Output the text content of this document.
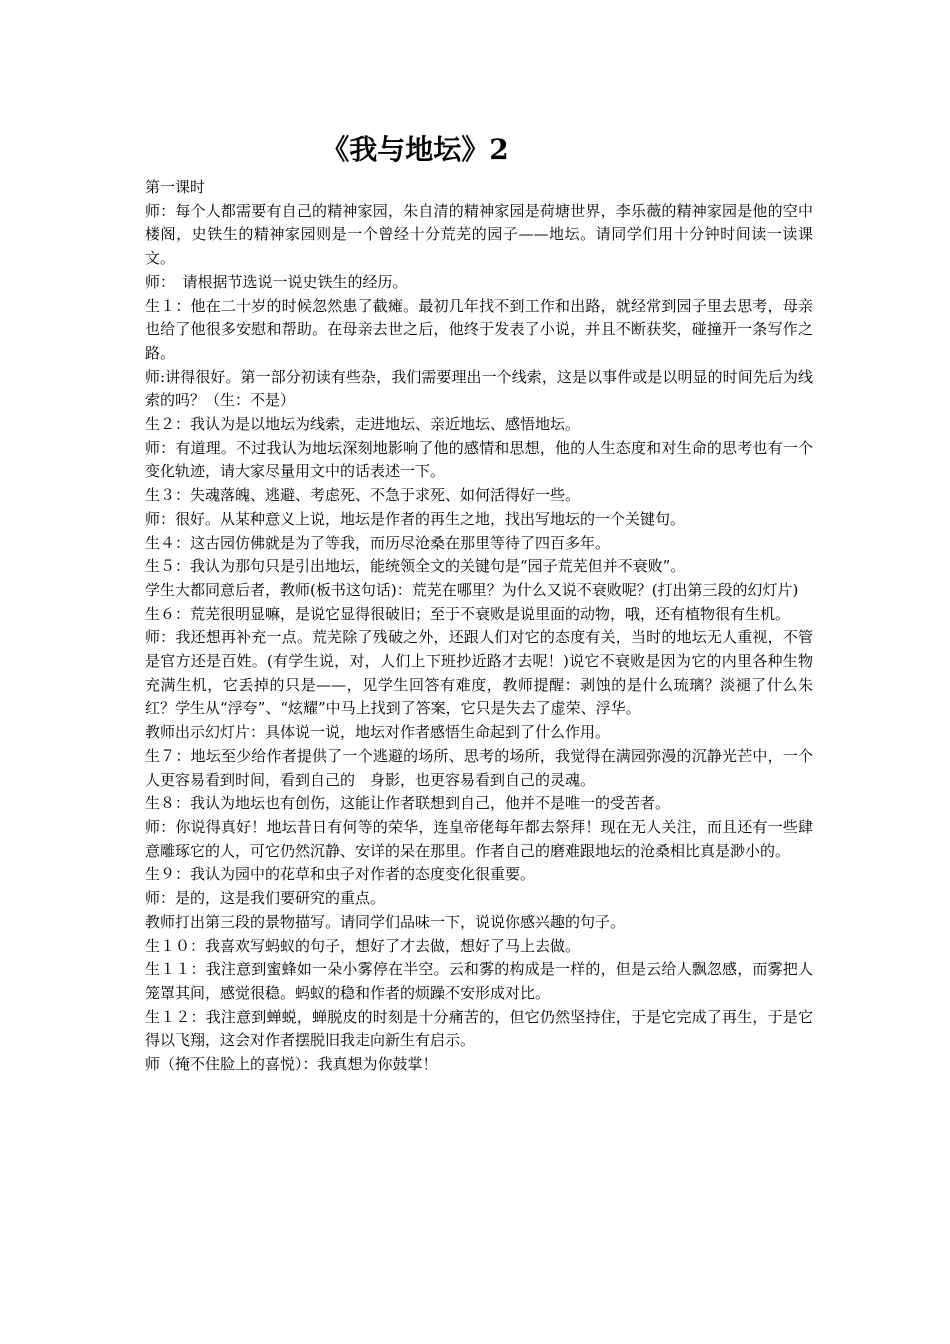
《我与地坛》2

第一课时

师：每个人都需要有自己的精神家园，朱自清的精神家园是荷塘世界，李乐薇的精神家园是他的空中楼阁，史铁生的精神家园则是一个曾经十分荒芜的园子——地坛。请同学们用十分钟时间读一读课文。

师：　请根据节选说一说史铁生的经历。

生１：他在二十岁的时候忽然患了截瘫。最初几年找不到工作和出路，就经常到园子里去思考，母亲也给了他很多安慰和帮助。在母亲去世之后，他终于发表了小说，并且不断获奖，碰撞开一条写作之路。

师:讲得很好。第一部分初读有些杂，我们需要理出一个线索，这是以事件或是以明显的时间先后为线索的吗？（生：不是）

生２：我认为是以地坛为线索，走进地坛、亲近地坛、感悟地坛。

师：有道理。不过我认为地坛深刻地影响了他的感情和思想，他的人生态度和对生命的思考也有一个变化轨迹，请大家尽量用文中的话表述一下。

生３：失魂落魄、逃避、考虑死、不急于求死、如何活得好一些。

师：很好。从某种意义上说，地坛是作者的再生之地，找出写地坛的一个关键句。

生４：这古园仿佛就是为了等我，而历尽沧桑在那里等待了四百多年。

生５：我认为那句只是引出地坛，能统领全文的关键句是“园子荒芜但并不衰败”。

学生大都同意后者，教师(板书这句话)：荒芜在哪里？为什么又说不衰败呢？(打出第三段的幻灯片)

生６：荒芜很明显嘛，是说它显得很破旧；至于不衰败是说里面的动物，哦，还有植物很有生机。

师：我还想再补充一点。荒芜除了残破之外，还跟人们对它的态度有关，当时的地坛无人重视，不管是官方还是百姓。(有学生说，对，人们上下班抄近路才去呢！)说它不衰败是因为它的内里各种生物充满生机，它丢掉的只是——，见学生回答有难度，教师提醒：剥蚀的是什么琉璃？淡褪了什么朱红？学生从“浮夸”、“炫耀”中马上找到了答案，它只是失去了虚荣、浮华。

教师出示幻灯片：具体说一说，地坛对作者感悟生命起到了什么作用。

生７：地坛至少给作者提供了一个逃避的场所、思考的场所，我觉得在满园弥漫的沉静光芒中，一个人更容易看到时间，看到自己的　身影，也更容易看到自己的灵魂。

生８：我认为地坛也有创伤，这能让作者联想到自己，他并不是唯一的受苦者。

师：你说得真好！地坛昔日有何等的荣华，连皇帝佬每年都去祭拜！现在无人关注，而且还有一些肆意雕琢它的人，可它仍然沉静、安详的呆在那里。作者自己的磨难跟地坛的沧桑相比真是渺小的。

生９：我认为园中的花草和虫子对作者的态度变化很重要。

师：是的，这是我们要研究的重点。

教师打出第三段的景物描写。请同学们品味一下，说说你感兴趣的句子。

生１０：我喜欢写蚂蚁的句子，想好了才去做，想好了马上去做。

生１１：我注意到蜜蜂如一朵小雾停在半空。云和雾的构成是一样的，但是云给人飘忽感，而雾把人笼罩其间，感觉很稳。蚂蚁的稳和作者的烦躁不安形成对比。

生１２：我注意到蝉蜕，蝉脱皮的时刻是十分痛苦的，但它仍然坚持住，于是它完成了再生，于是它得以飞翔，这会对作者摆脱旧我走向新生有启示。

师（掩不住脸上的喜悦）：我真想为你鼓掌！
